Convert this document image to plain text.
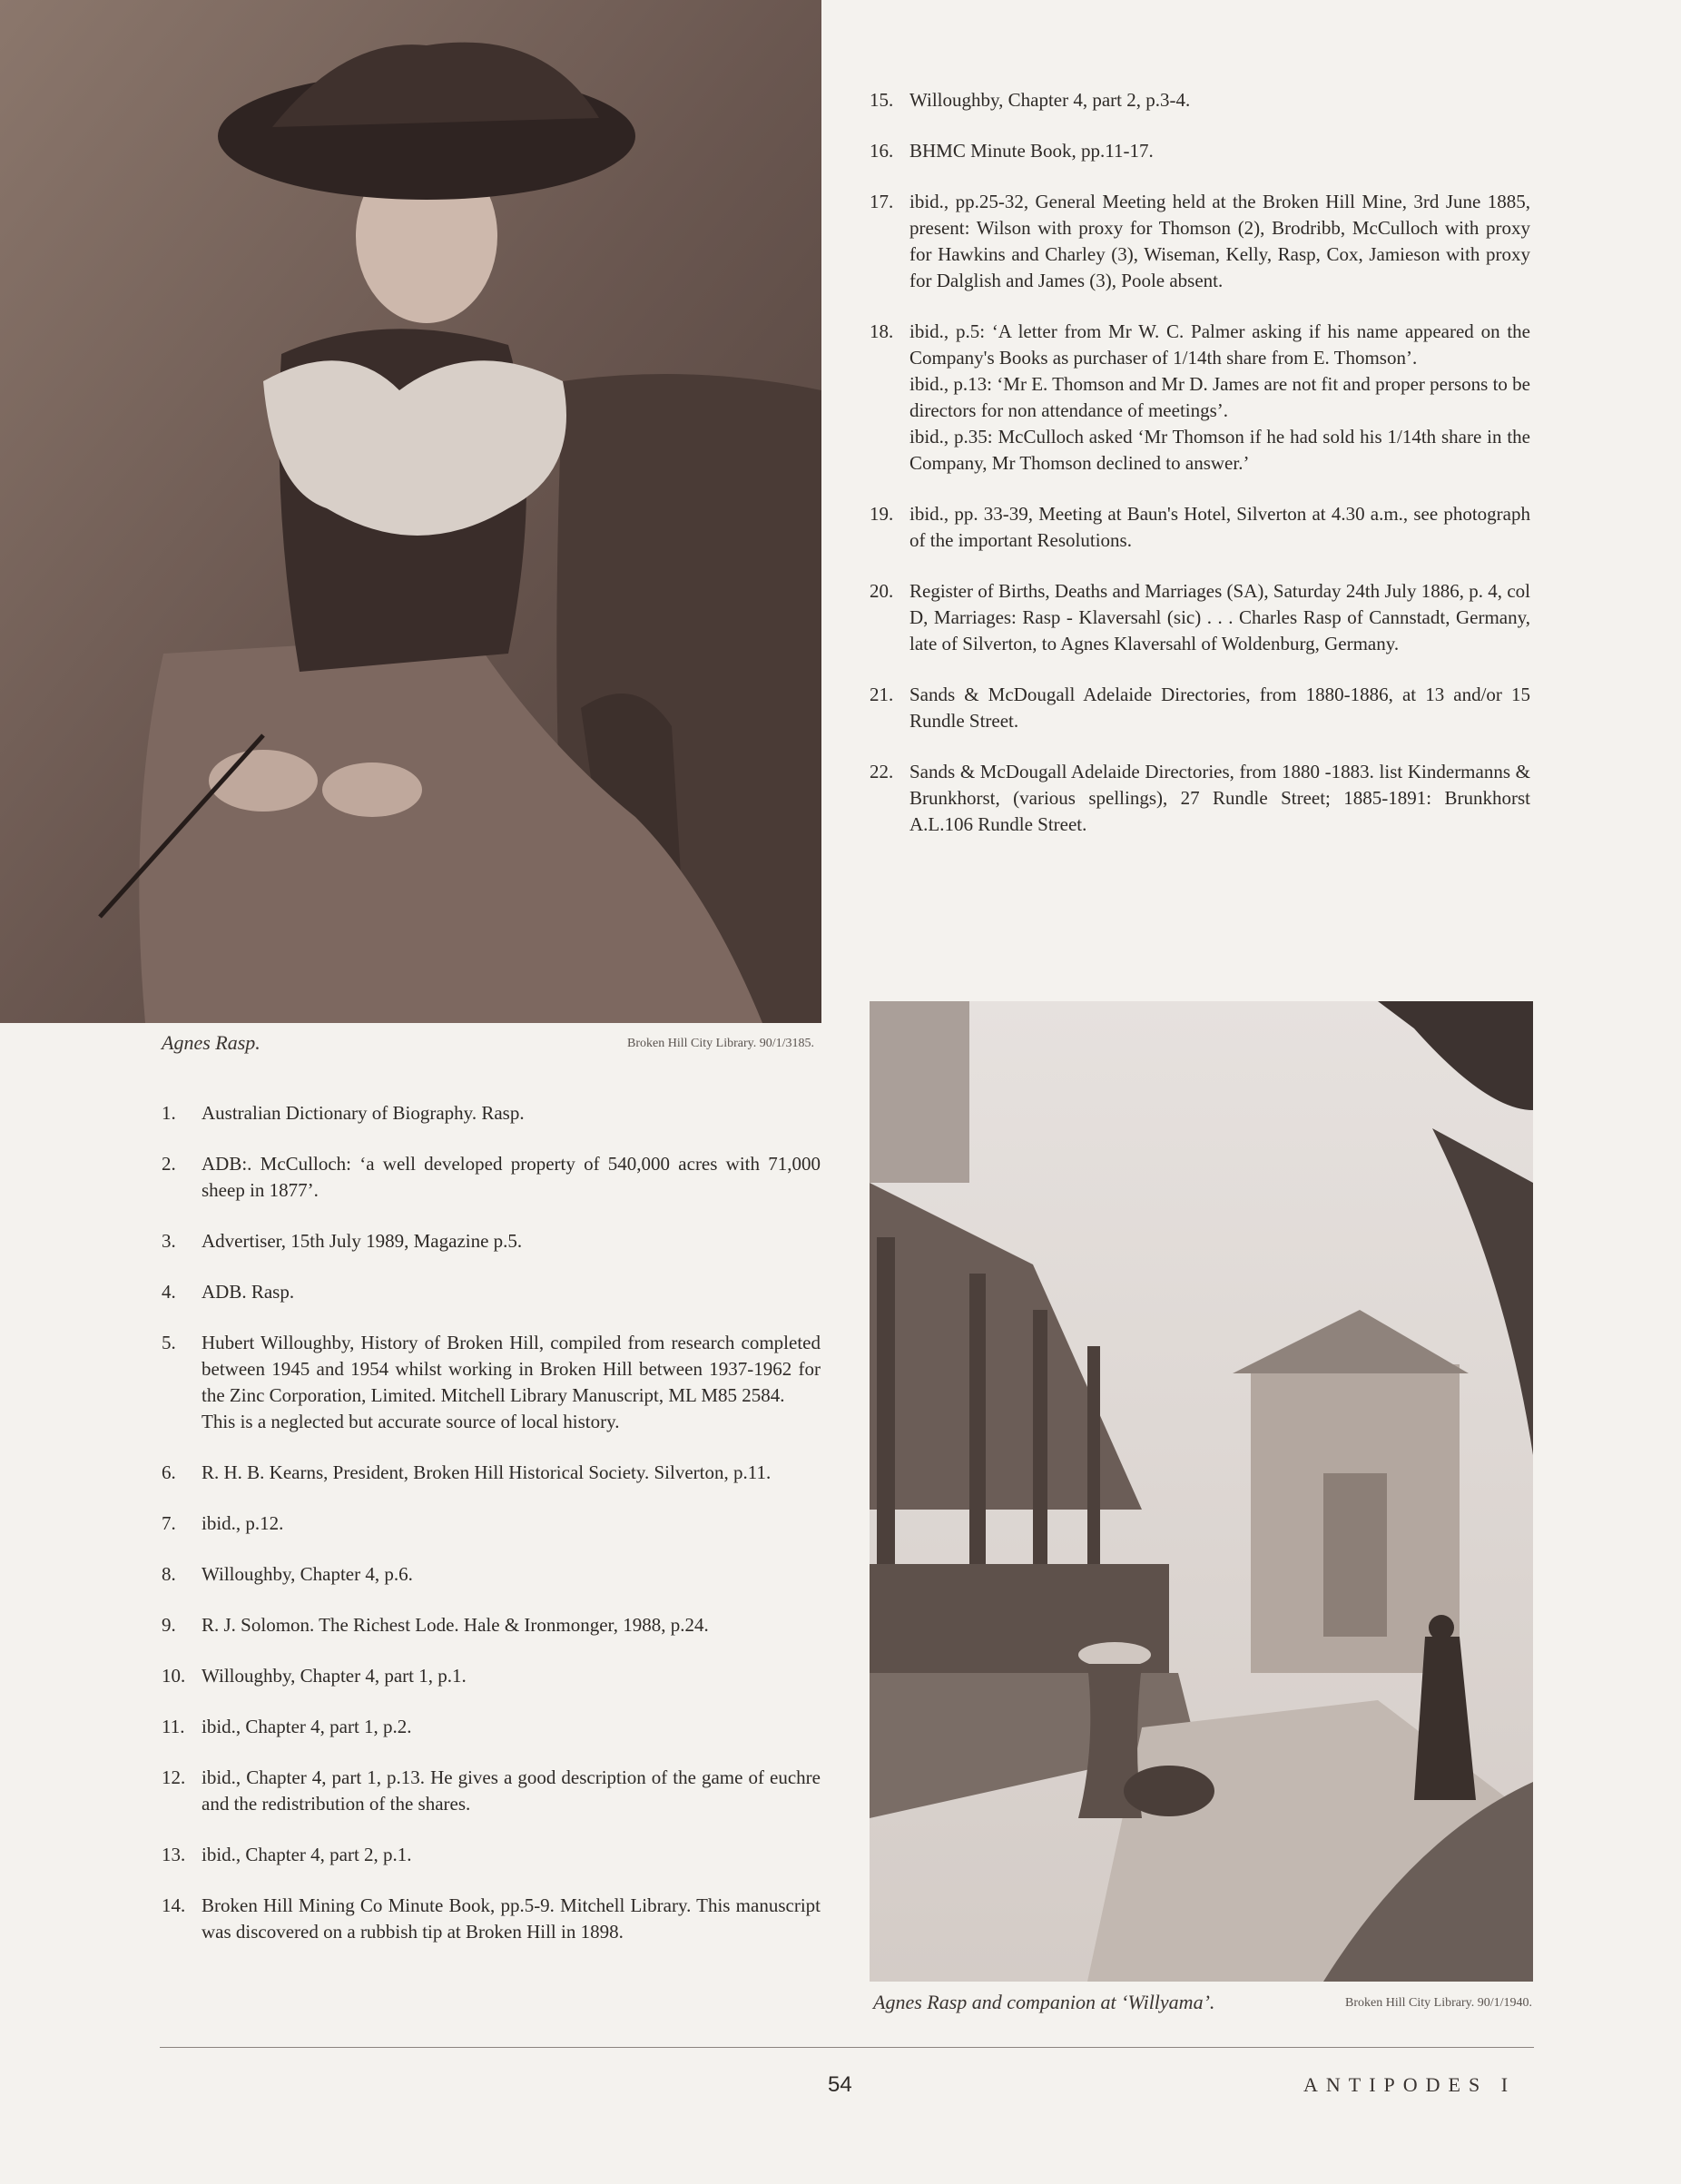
Agnes Rasp.	Broken Hill City Library. 90/1/3185.
Agnes Rasp and companion at ‘Willyama’.	Broken Hill City Library. 90/1/1940.
1. Australian Dictionary of Biography. Rasp.
2. ADB:. McCulloch: ‘a well developed property of 540,000 acres with 71,000 sheep in 1877’.
3. Advertiser, 15th July 1989, Magazine p.5.
4. ADB. Rasp.
5. Hubert Willoughby, History of Broken Hill, compiled from research completed between 1945 and 1954 whilst working in Broken Hill between 1937-1962 for the Zinc Corporation, Limited. Mitchell Library Manuscript, ML M85 2584.
This is a neglected but accurate source of local history.
6. R. H. B. Kearns, President, Broken Hill Historical Society. Silverton, p.11.
7. ibid., p.12.
8. Willoughby, Chapter 4, p.6.
9. R. J. Solomon. The Richest Lode. Hale & Ironmonger, 1988, p.24.
10. Willoughby, Chapter 4, part 1, p.1.
11. ibid., Chapter 4, part 1, p.2.
12. ibid., Chapter 4, part 1, p.13. He gives a good description of the game of euchre and the redistribution of the shares.
13. ibid., Chapter 4, part 2, p.1.
14. Broken Hill Mining Co Minute Book, pp.5-9. Mitchell Library. This manuscript was discovered on a rubbish tip at Broken Hill in 1898.
15. Willoughby, Chapter 4, part 2, p.3-4.
16. BHMC Minute Book, pp.11-17.
17. ibid., pp.25-32, General Meeting held at the Broken Hill Mine, 3rd June 1885, present: Wilson with proxy for Thomson (2), Brodribb, McCulloch with proxy for Hawkins and Charley (3), Wiseman, Kelly, Rasp, Cox, Jamieson with proxy for Dalglish and James (3), Poole absent.
18. ibid., p.5: ‘A letter from Mr W. C. Palmer asking if his name appeared on the Company's Books as purchaser of 1/14th share from E. Thomson’.
ibid., p.13: ‘Mr E. Thomson and Mr D. James are not fit and proper persons to be directors for non attendance of meetings’.
ibid., p.35: McCulloch asked ‘Mr Thomson if he had sold his 1/14th share in the Company, Mr Thomson declined to answer.’
19. ibid., pp. 33-39, Meeting at Baun's Hotel, Silverton at 4.30 a.m., see photograph of the important Resolutions.
20. Register of Births, Deaths and Marriages (SA), Saturday 24th July 1886, p. 4, col D, Marriages: Rasp - Klaversahl (sic) . . . Charles Rasp of Cannstadt, Germany, late of Silverton, to Agnes Klaversahl of Woldenburg, Germany.
21. Sands & McDougall Adelaide Directories, from 1880-1886, at 13 and/or 15 Rundle Street.
22. Sands & McDougall Adelaide Directories, from 1880 -1883. list Kindermanns & Brunkhorst, (various spellings), 27 Rundle Street; 1885-1891: Brunkhorst A.L.106 Rundle Street.
54	ANTIPODES I
